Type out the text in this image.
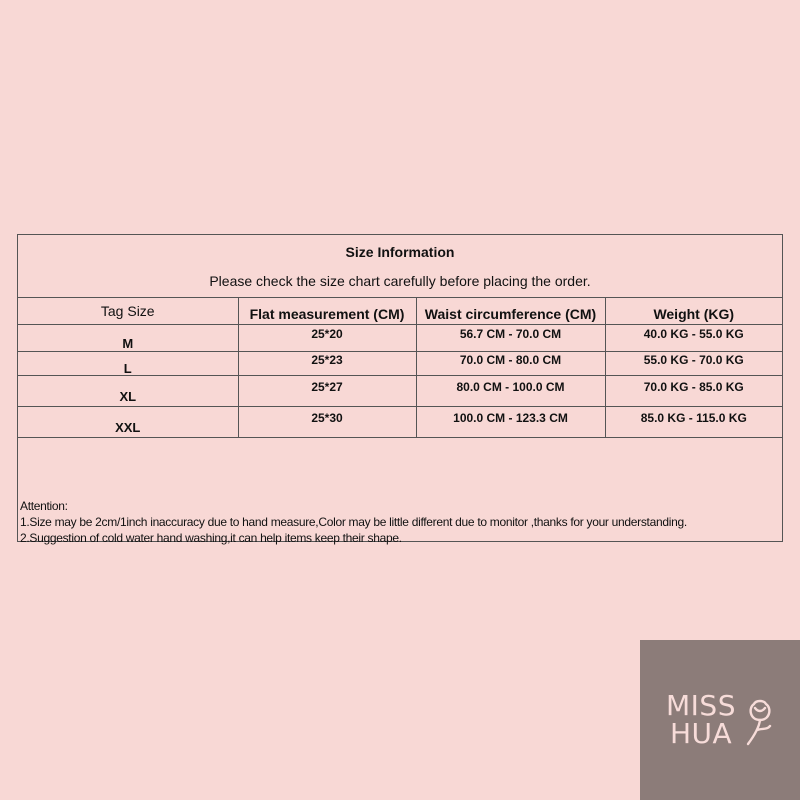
Size Information
Please check the size chart carefully before placing the order.
Tag Size	Flat measurement (CM)	Waist circumference (CM)	Weight (KG)
M	25*20	56.7 CM - 70.0 CM	40.0 KG - 55.0 KG
L	25*23	70.0 CM - 80.0 CM	55.0 KG - 70.0 KG
XL	25*27	80.0 CM - 100.0 CM	70.0 KG - 85.0 KG
XXL	25*30	100.0 CM - 123.3 CM	85.0 KG - 115.0 KG
Attention:
1.Size may be 2cm/1inch inaccuracy due to hand measure,Color may be little different due to monitor ,thanks for your understanding.
2.Suggestion of cold water hand washing,it can help items keep their shape.
MISS
HUA
